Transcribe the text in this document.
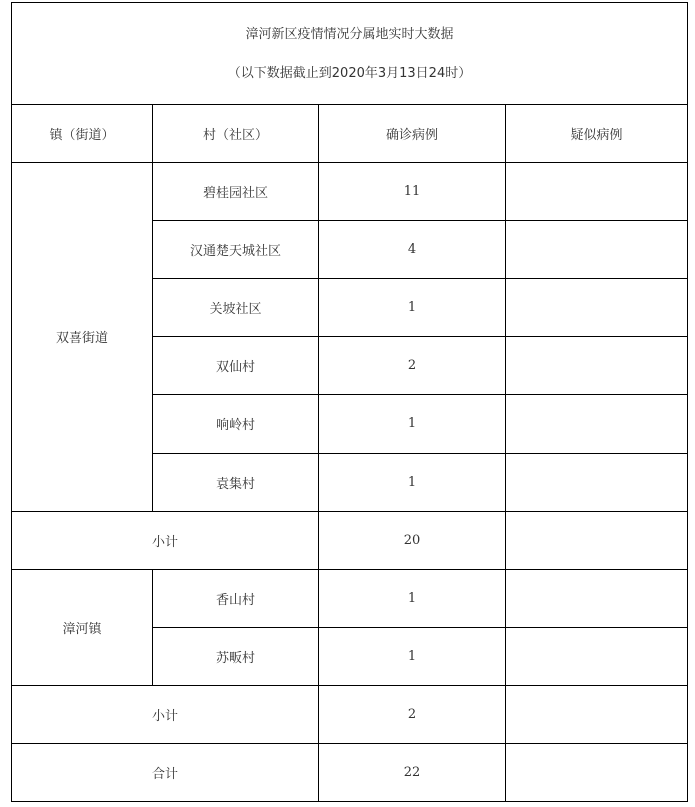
漳河新区疫情情况分属地实时大数据
（以下数据截止到2020年3月13日24时）			

镇（街道）	村（社区）	确诊病例	疑似病例
双喜街道	碧桂园社区	11	
	汉通楚天城社区	4	
	关坡社区	1	
	双仙村	2	
	响岭村	1	
	袁集村	1	
小计		20	
漳河镇	香山村	1	
	苏畈村	1	
小计		2	
合计		22	
